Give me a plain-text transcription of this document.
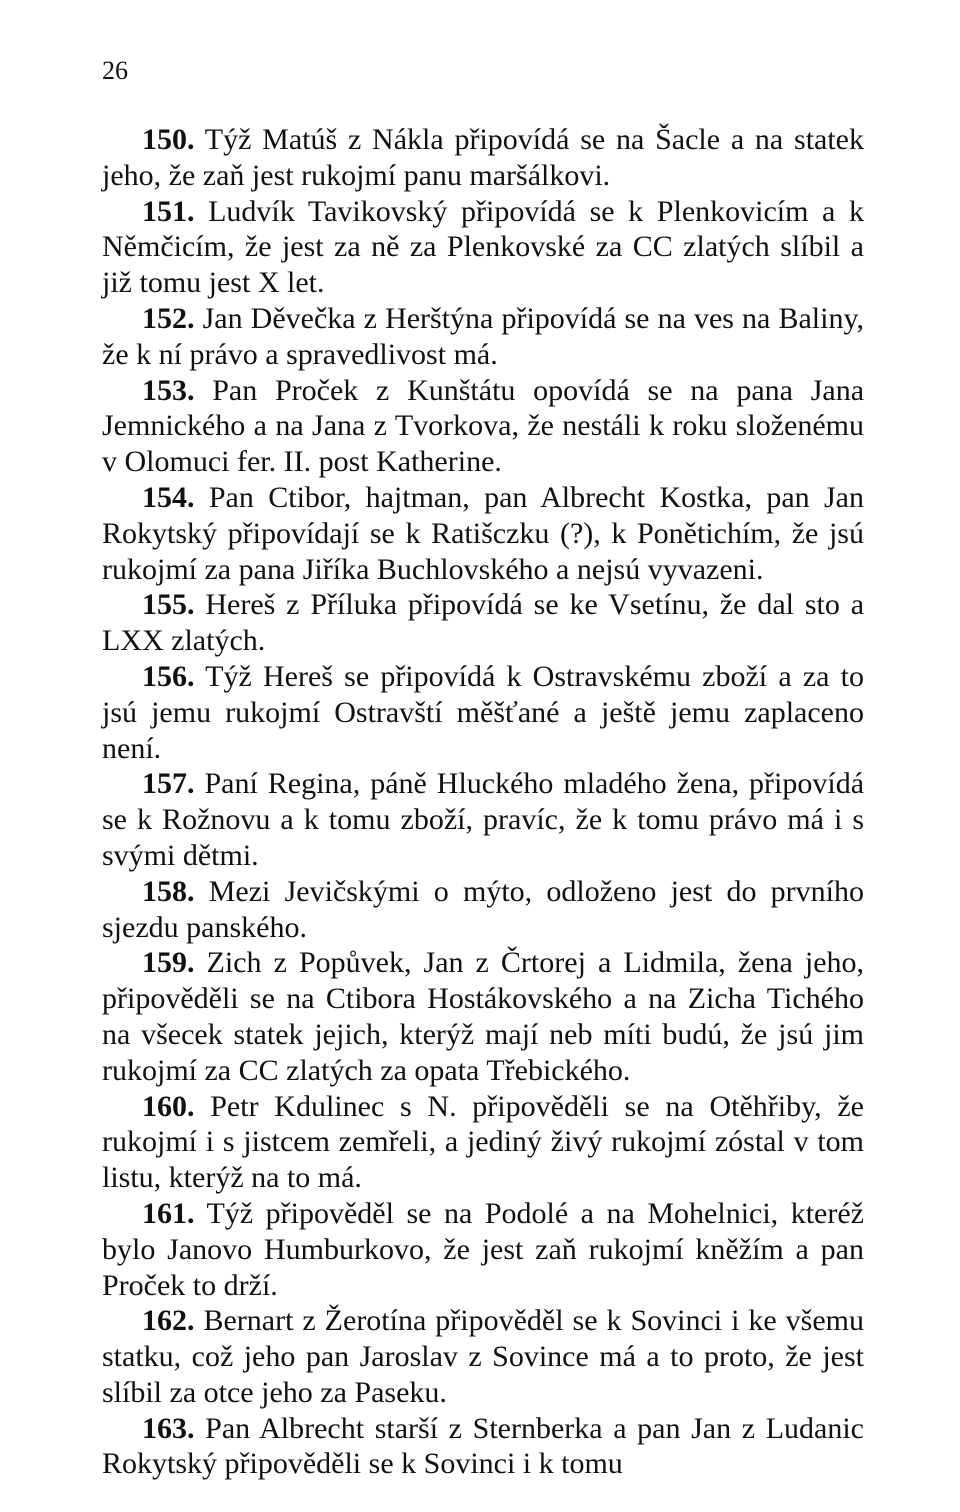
26

150. Týž Matúš z Nákla připovídá se na Šacle a na statek jeho, že zaň jest rukojmí panu maršálkovi.

151. Ludvík Tavikovský připovídá se k Plenkovicím a k Němčicím, že jest za ně za Plenkovské za CC zlatých slíbil a již tomu jest X let.

152. Jan Děvečka z Herštýna připovídá se na ves na Baliny, že k ní právo a spravedlivost má.

153. Pan Proček z Kunštátu opovídá se na pana Jana Jemnického a na Jana z Tvorkova, že nestáli k roku složenému v Olomuci fer. II. post Katherine.

154. Pan Ctibor, hajtman, pan Albrecht Kostka, pan Jan Rokytský připovídají se k Ratišczku (?), k Ponětichím, že jsú rukojmí za pana Jiříka Buchlovského a nejsú vyvazeni.

155. Hereš z Příluka připovídá se ke Vsetínu, že dal sto a LXX zlatých.

156. Týž Hereš se připovídá k Ostravskému zboží a za to jsú jemu rukojmí Ostravští měšťané a ještě jemu zaplaceno není.

157. Paní Regina, páně Hluckého mladého žena, připovídá se k Rožnovu a k tomu zboží, pravíc, že k tomu právo má i s svými dětmi.

158. Mezi Jevičskými o mýto, odloženo jest do prvního sjezdu panského.

159. Zich z Popůvek, Jan z Črtorej a Lidmila, žena jeho, připověděli se na Ctibora Hostákovského a na Zicha Tichého na všecek statek jejich, kterýž mají neb míti budú, že jsú jim rukojmí za CC zlatých za opata Třebického.

160. Petr Kdulinec s N. připověděli se na Otěhřiby, že rukojmí i s jistcem zemřeli, a jediný živý rukojmí zóstal v tom listu, kterýž na to má.

161. Týž připověděl se na Podolé a na Mohelnici, kteréž bylo Janovo Humburkovo, že jest zaň rukojmí kněžím a pan Proček to drží.

162. Bernart z Žerotína připověděl se k Sovinci i ke všemu statku, což jeho pan Jaroslav z Sovince má a to proto, že jest slíbil za otce jeho za Paseku.

163. Pan Albrecht starší z Sternberka a pan Jan z Ludanic Rokytský připověděli se k Sovinci i k tomu
